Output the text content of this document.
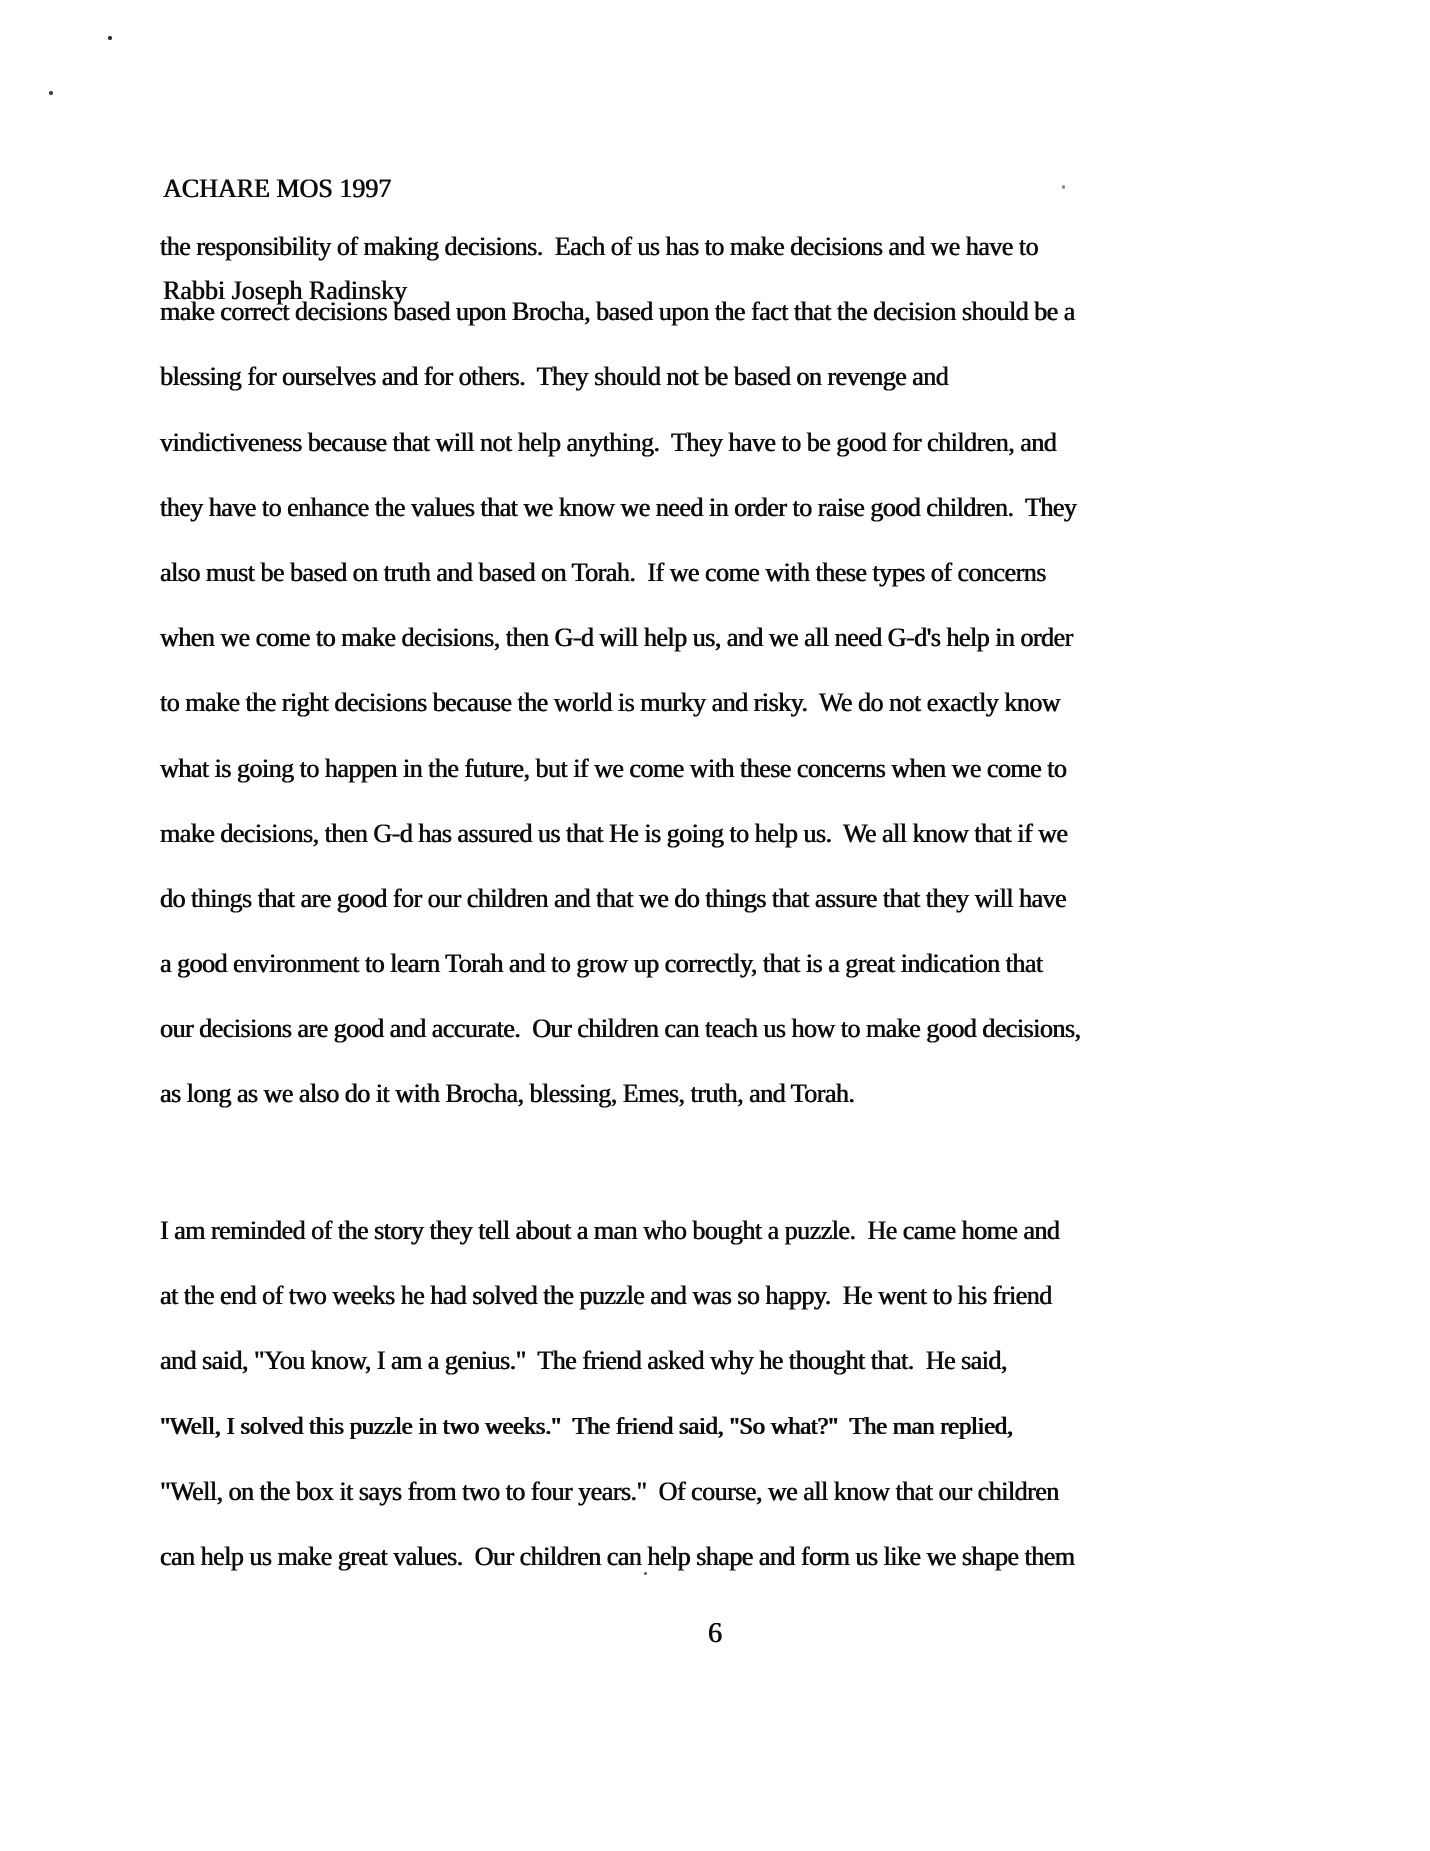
ACHARE MOS 1997

Rabbi Joseph Radinsky

the responsibility of making decisions.  Each of us has to make decisions and we have to
make correct decisions based upon Brocha, based upon the fact that the decision should be a
blessing for ourselves and for others.  They should not be based on revenge and
vindictiveness because that will not help anything.  They have to be good for children, and
they have to enhance the values that we know we need in order to raise good children.  They
also must be based on truth and based on Torah.  If we come with these types of concerns
when we come to make decisions, then G-d will help us, and we all need G-d's help in order
to make the right decisions because the world is murky and risky.  We do not exactly know
what is going to happen in the future, but if we come with these concerns when we come to
make decisions, then G-d has assured us that He is going to help us.  We all know that if we
do things that are good for our children and that we do things that assure that they will have
a good environment to learn Torah and to grow up correctly, that is a great indication that
our decisions are good and accurate.  Our children can teach us how to make good decisions,
as long as we also do it with Brocha, blessing, Emes, truth, and Torah.
I am reminded of the story they tell about a man who bought a puzzle.  He came home and
at the end of two weeks he had solved the puzzle and was so happy.  He went to his friend
and said, "You know, I am a genius."  The friend asked why he thought that.  He said,
"Well, I solved this puzzle in two weeks."  The friend said, "So what?"  The man replied,
"Well, on the box it says from two to four years."  Of course, we all know that our children
can help us make great values.  Our children can help shape and form us like we shape them
6
